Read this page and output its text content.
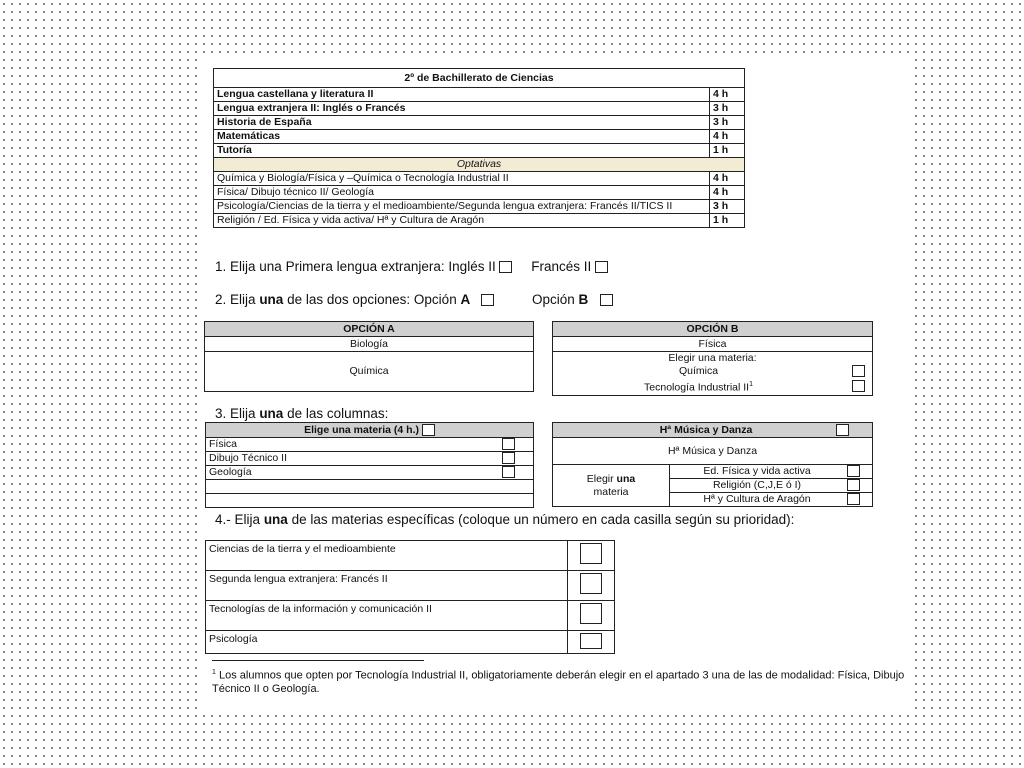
2º de Bachillerato de Ciencias	
Lengua castellana y literatura II	4 h
Lengua extranjera II: Inglés o Francés	3 h
Historia de España	3 h
Matemáticas	4 h
Tutoría	1 h
Optativas	
Química y Biología/Física y –Química o Tecnología Industrial II	4 h
Física/ Dibujo técnico II/ Geología	4 h
Psicología/Ciencias de la tierra y el medioambiente/Segunda lengua extranjera: Francés II/TICS II	3 h
Religión / Ed. Física y vida activa/ Hª y Cultura de Aragón	1 h
1. Elija una Primera lengua extranjera: Inglés II	Francés II
2. Elija una de las dos opciones: Opción A	Opción B
OPCIÓN A
Biología
Química
OPCIÓN B	
Física	
Elegir una materia:	
Química	
Tecnología Industrial $II^1$	
3. Elija una de las columnas:
Elige una materia (4 h.)	
Física	
Dibujo Técnico II	
Geología	

Hª Música y Danza		
Hª Música y Danza		
Elegir una
materia	Ed. Física y vida activa	
	Religión (C,J,E ó I)	
	Hª y Cultura de Aragón	
4.- Elija una de las materias específicas (coloque un número en cada casilla según su prioridad):
Ciencias de la tierra y el medioambiente	
Segunda lengua extranjera: Francés II	
Tecnologías de la información y comunicación II	
Psicología	
$^1$ Los alumnos que opten por Tecnología Industrial II, obligatoriamente deberán elegir en el apartado 3 una de las de modalidad: Física, Dibujo Técnico II o Geología.
